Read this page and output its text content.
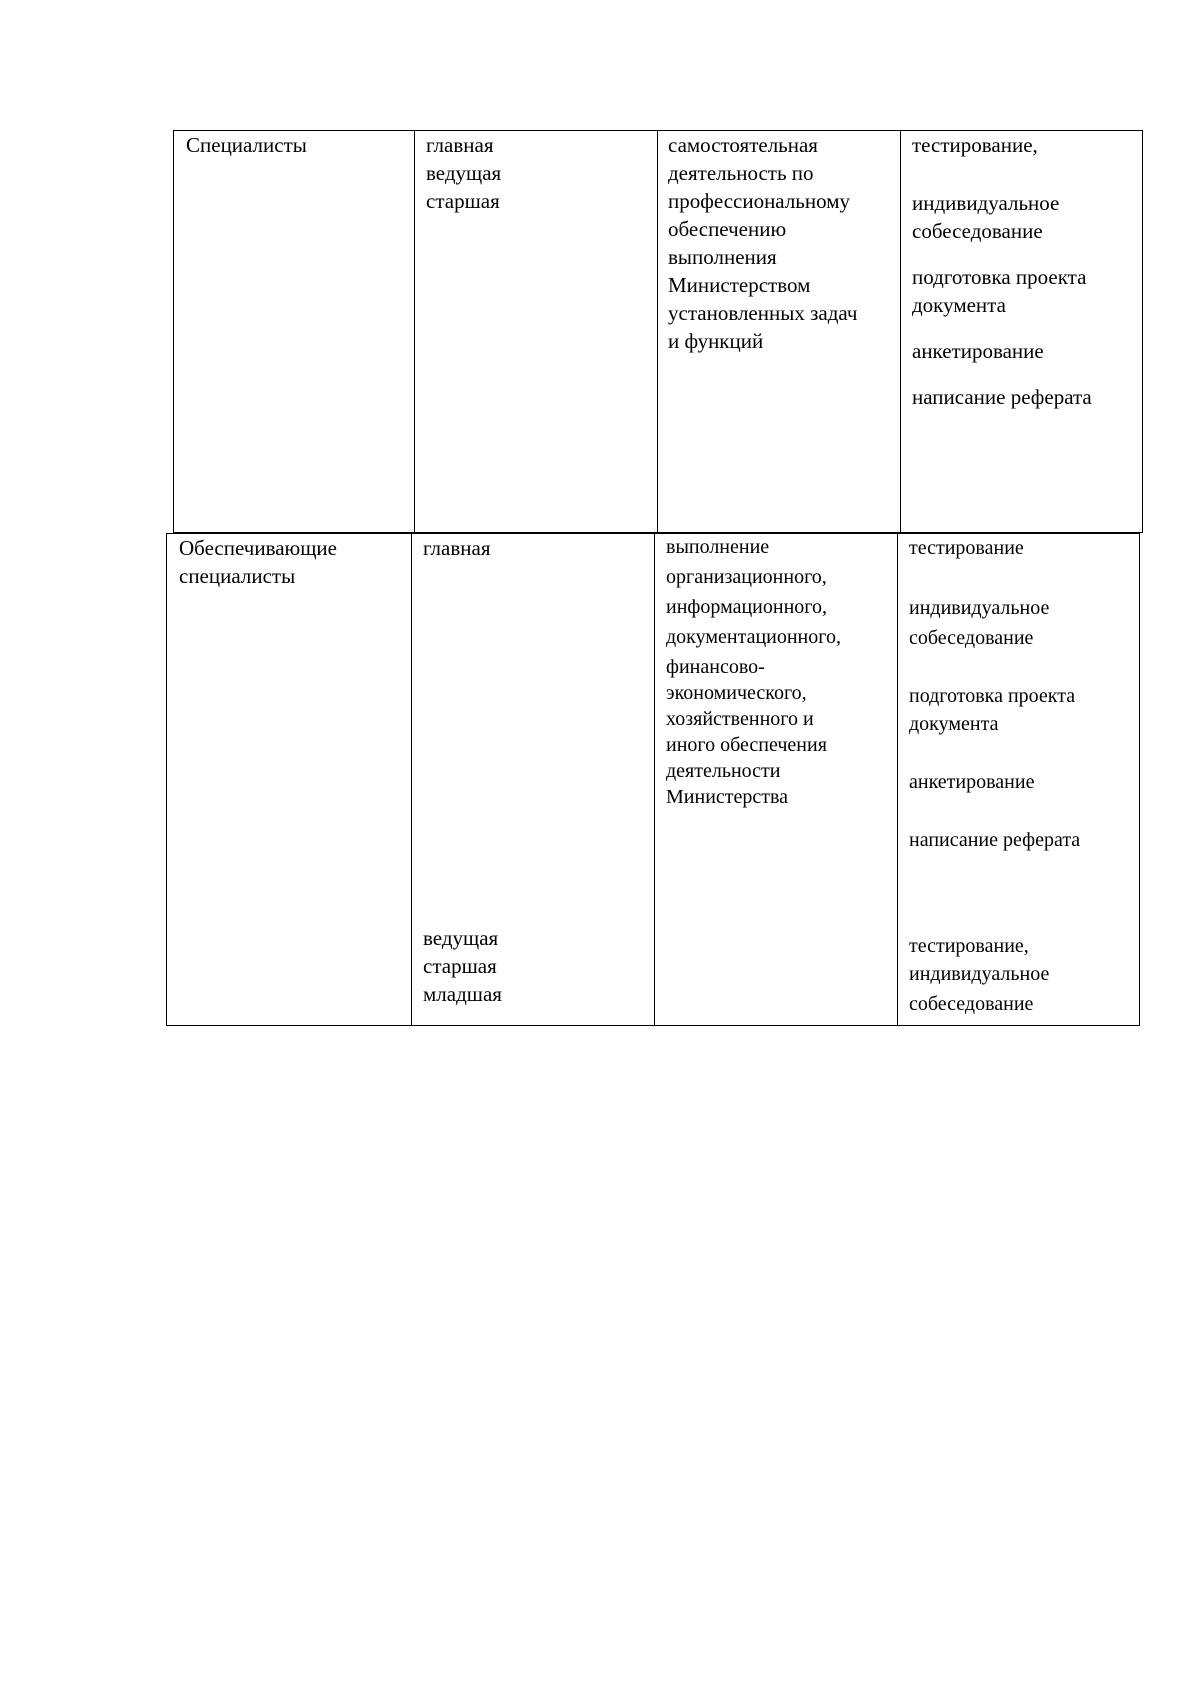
Специалисты	главная
ведущая
старшая
самостоятельная
деятельность по
профессиональному
обеспечению
выполнения
Министерством
установленных задач
и функций
тестирование,
индивидуальное
собеседование
подготовка проекта
документа
анкетирование
написание реферата
Обеспечивающие
специалисты
главная
ведущая
старшая
младшая
выполнение
организационного,
информационного,
документационного,
финансово-
экономического,
хозяйственного и
иного обеспечения
деятельности
Министерства
тестирование
индивидуальное
собеседование
подготовка проекта
документа
анкетирование
написание реферата
тестирование,
индивидуальное
собеседование
